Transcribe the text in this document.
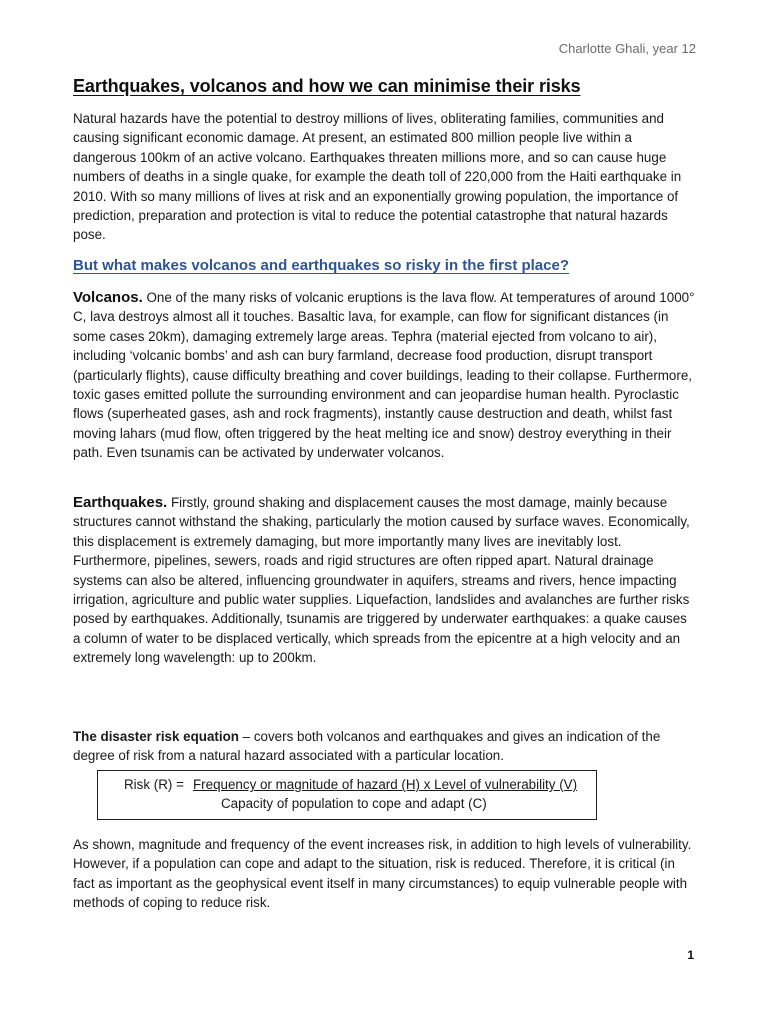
Charlotte Ghali, year 12
Earthquakes, volcanos and how we can minimise their risks

Natural hazards have the potential to destroy millions of lives, obliterating families, communities and causing significant economic damage. At present, an estimated 800 million people live within a dangerous 100km of an active volcano. Earthquakes threaten millions more, and so can cause huge numbers of deaths in a single quake, for example the death toll of 220,000 from the Haiti earthquake in 2010. With so many millions of lives at risk and an exponentially growing population, the importance of prediction, preparation and protection is vital to reduce the potential catastrophe that natural hazards pose.

But what makes volcanos and earthquakes so risky in the first place?

Volcanos. One of the many risks of volcanic eruptions is the lava flow. At temperatures of around 1000° C, lava destroys almost all it touches. Basaltic lava, for example, can flow for significant distances (in some cases 20km), damaging extremely large areas. Tephra (material ejected from volcano to air), including ‘volcanic bombs’ and ash can bury farmland, decrease food production, disrupt transport (particularly flights), cause difficulty breathing and cover buildings, leading to their collapse. Furthermore, toxic gases emitted pollute the surrounding environment and can jeopardise human health. Pyroclastic flows (superheated gases, ash and rock fragments), instantly cause destruction and death, whilst fast moving lahars (mud flow, often triggered by the heat melting ice and snow) destroy everything in their path. Even tsunamis can be activated by underwater volcanos.

Earthquakes. Firstly, ground shaking and displacement causes the most damage, mainly because structures cannot withstand the shaking, particularly the motion caused by surface waves. Economically, this displacement is extremely damaging, but more importantly many lives are inevitably lost. Furthermore, pipelines, sewers, roads and rigid structures are often ripped apart. Natural drainage systems can also be altered, influencing groundwater in aquifers, streams and rivers, hence impacting irrigation, agriculture and public water supplies. Liquefaction, landslides and avalanches are further risks posed by earthquakes. Additionally, tsunamis are triggered by underwater earthquakes: a quake causes a column of water to be displaced vertically, which spreads from the epicentre at a high velocity and an extremely long wavelength: up to 200km.

The disaster risk equation – covers both volcanos and earthquakes and gives an indication of the degree of risk from a natural hazard associated with a particular location.

Risk (R) = Frequency or magnitude of hazard (H) x Level of vulnerability (V)
Capacity of population to cope and adapt (C)

As shown, magnitude and frequency of the event increases risk, in addition to high levels of vulnerability. However, if a population can cope and adapt to the situation, risk is reduced. Therefore, it is critical (in fact as important as the geophysical event itself in many circumstances) to equip vulnerable people with methods of coping to reduce risk.

1
